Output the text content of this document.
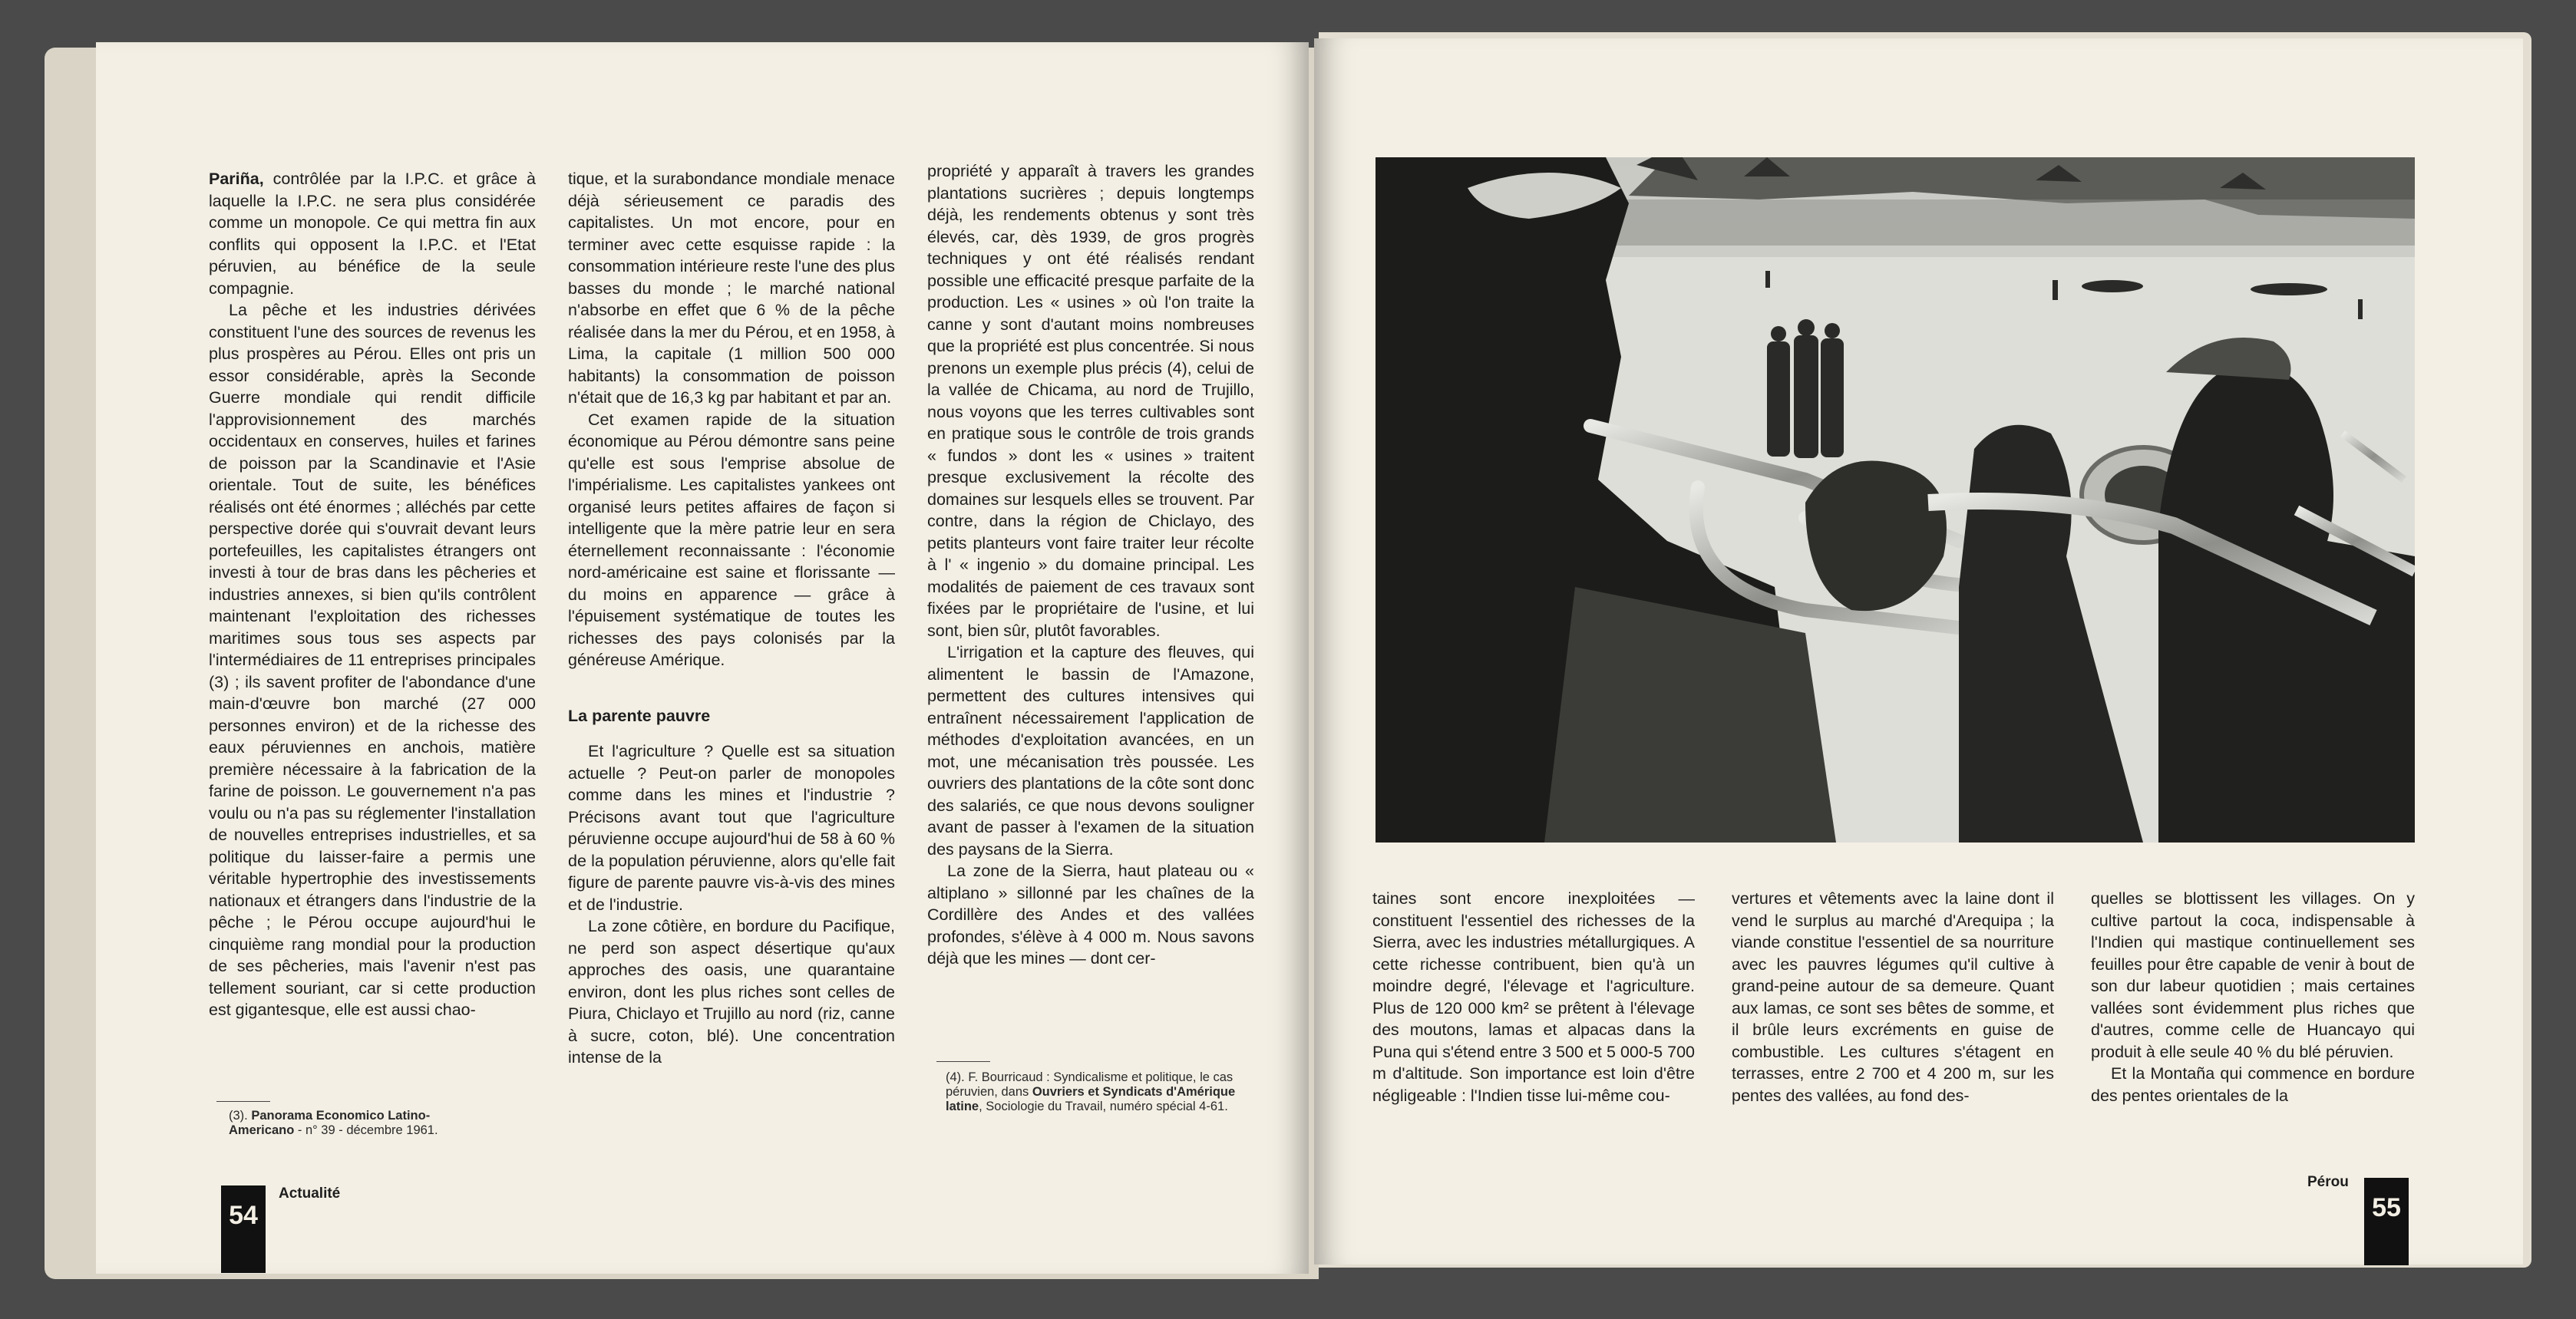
Pariña, contrôlée par la I.P.C. et grâce à laquelle la I.P.C. ne sera plus considérée comme un monopole. Ce qui mettra fin aux conflits qui opposent la I.P.C. et l'Etat péruvien, au bénéfice de la seule compagnie.

La pêche et les industries dérivées constituent l'une des sources de revenus les plus prospères au Pérou. Elles ont pris un essor considérable, après la Seconde Guerre mondiale qui rendit difficile l'approvisionnement des marchés occidentaux en conserves, huiles et farines de poisson par la Scandinavie et l'Asie orientale. Tout de suite, les bénéfices réalisés ont été énormes ; alléchés par cette perspective dorée qui s'ouvrait devant leurs portefeuilles, les capitalistes étrangers ont investi à tour de bras dans les pêcheries et industries annexes, si bien qu'ils contrôlent maintenant l'exploitation des richesses maritimes sous tous ses aspects par l'intermédiaires de 11 entreprises principales (3) ; ils savent profiter de l'abondance d'une main-d'œuvre bon marché (27 000 personnes environ) et de la richesse des eaux péruviennes en anchois, matière première nécessaire à la fabrication de la farine de poisson. Le gouvernement n'a pas voulu ou n'a pas su réglementer l'installation de nouvelles entreprises industrielles, et sa politique du laisser-faire a permis une véritable hypertrophie des investissements nationaux et étrangers dans l'industrie de la pêche ; le Pérou occupe aujourd'hui le cinquième rang mondial pour la production de ses pêcheries, mais l'avenir n'est pas tellement souriant, car si cette production est gigantesque, elle est aussi chao-

(3). Panorama Economico Latino-Americano - n° 39 - décembre 1961.

tique, et la surabondance mondiale menace déjà sérieusement ce paradis des capitalistes. Un mot encore, pour en terminer avec cette esquisse rapide : la consommation intérieure reste l'une des plus basses du monde ; le marché national n'absorbe en effet que 6 % de la pêche réalisée dans la mer du Pérou, et en 1958, à Lima, la capitale (1 million 500 000 habitants) la consommation de poisson n'était que de 16,3 kg par habitant et par an.

Cet examen rapide de la situation économique au Pérou démontre sans peine qu'elle est sous l'emprise absolue de l'impérialisme. Les capitalistes yankees ont organisé leurs petites affaires de façon si intelligente que la mère patrie leur en sera éternellement reconnaissante : l'économie nord-américaine est saine et florissante — du moins en apparence — grâce à l'épuisement systématique de toutes les richesses des pays colonisés par la généreuse Amérique.

La parente pauvre

Et l'agriculture ? Quelle est sa situation actuelle ? Peut-on parler de monopoles comme dans les mines et l'industrie ? Précisons avant tout que l'agriculture péruvienne occupe aujourd'hui de 58 à 60 % de la population péruvienne, alors qu'elle fait figure de parente pauvre vis-à-vis des mines et de l'industrie.

La zone côtière, en bordure du Pacifique, ne perd son aspect désertique qu'aux approches des oasis, une quarantaine environ, dont les plus riches sont celles de Piura, Chiclayo et Trujillo au nord (riz, canne à sucre, coton, blé). Une concentration intense de la

propriété y apparaît à travers les grandes plantations sucrières ; depuis longtemps déjà, les rendements obtenus y sont très élevés, car, dès 1939, de gros progrès techniques y ont été réalisés rendant possible une efficacité presque parfaite de la production. Les « usines » où l'on traite la canne y sont d'autant moins nombreuses que la propriété est plus concentrée. Si nous prenons un exemple plus précis (4), celui de la vallée de Chicama, au nord de Trujillo, nous voyons que les terres cultivables sont en pratique sous le contrôle de trois grands « fundos » dont les « usines » traitent presque exclusivement la récolte des domaines sur lesquels elles se trouvent. Par contre, dans la région de Chiclayo, des petits planteurs vont faire traiter leur récolte à l' « ingenio » du domaine principal. Les modalités de paiement de ces travaux sont fixées par le propriétaire de l'usine, et lui sont, bien sûr, plutôt favorables.

L'irrigation et la capture des fleuves, qui alimentent le bassin de l'Amazone, permettent des cultures intensives qui entraînent nécessairement l'application de méthodes d'exploitation avancées, en un mot, une mécanisation très poussée. Les ouvriers des plantations de la côte sont donc des salariés, ce que nous devons souligner avant de passer à l'examen de la situation des paysans de la Sierra.

La zone de la Sierra, haut plateau ou « altiplano » sillonné par les chaînes de la Cordillère des Andes et des vallées profondes, s'élève à 4 000 m. Nous savons déjà que les mines — dont cer-

(4). F. Bourricaud : Syndicalisme et politique, le cas péruvien, dans Ouvriers et Syndicats d'Amérique latine, Sociologie du Travail, numéro spécial 4-61.
54
Actualité

taines sont encore inexploitées — constituent l'essentiel des richesses de la Sierra, avec les industries métallurgiques. A cette richesse contribuent, bien qu'à un moindre degré, l'élevage et l'agriculture. Plus de 120 000 km² se prêtent à l'élevage des moutons, lamas et alpacas dans la Puna qui s'étend entre 3 500 et 5 000-5 700 m d'altitude. Son importance est loin d'être négligeable : l'Indien tisse lui-même cou-

vertures et vêtements avec la laine dont il vend le surplus au marché d'Arequipa ; la viande constitue l'essentiel de sa nourriture avec les pauvres légumes qu'il cultive à grand-peine autour de sa demeure. Quant aux lamas, ce sont ses bêtes de somme, et il brûle leurs excréments en guise de combustible. Les cultures s'étagent en terrasses, entre 2 700 et 4 200 m, sur les pentes des vallées, au fond des-

quelles se blottissent les villages. On y cultive partout la coca, indispensable à l'Indien qui mastique continuellement ses feuilles pour être capable de venir à bout de son dur labeur quotidien ; mais certaines vallées sont évidemment plus riches que d'autres, comme celle de Huancayo qui produit à elle seule 40 % du blé péruvien.

Et la Montaña qui commence en bordure des pentes orientales de la

Pérou
55
